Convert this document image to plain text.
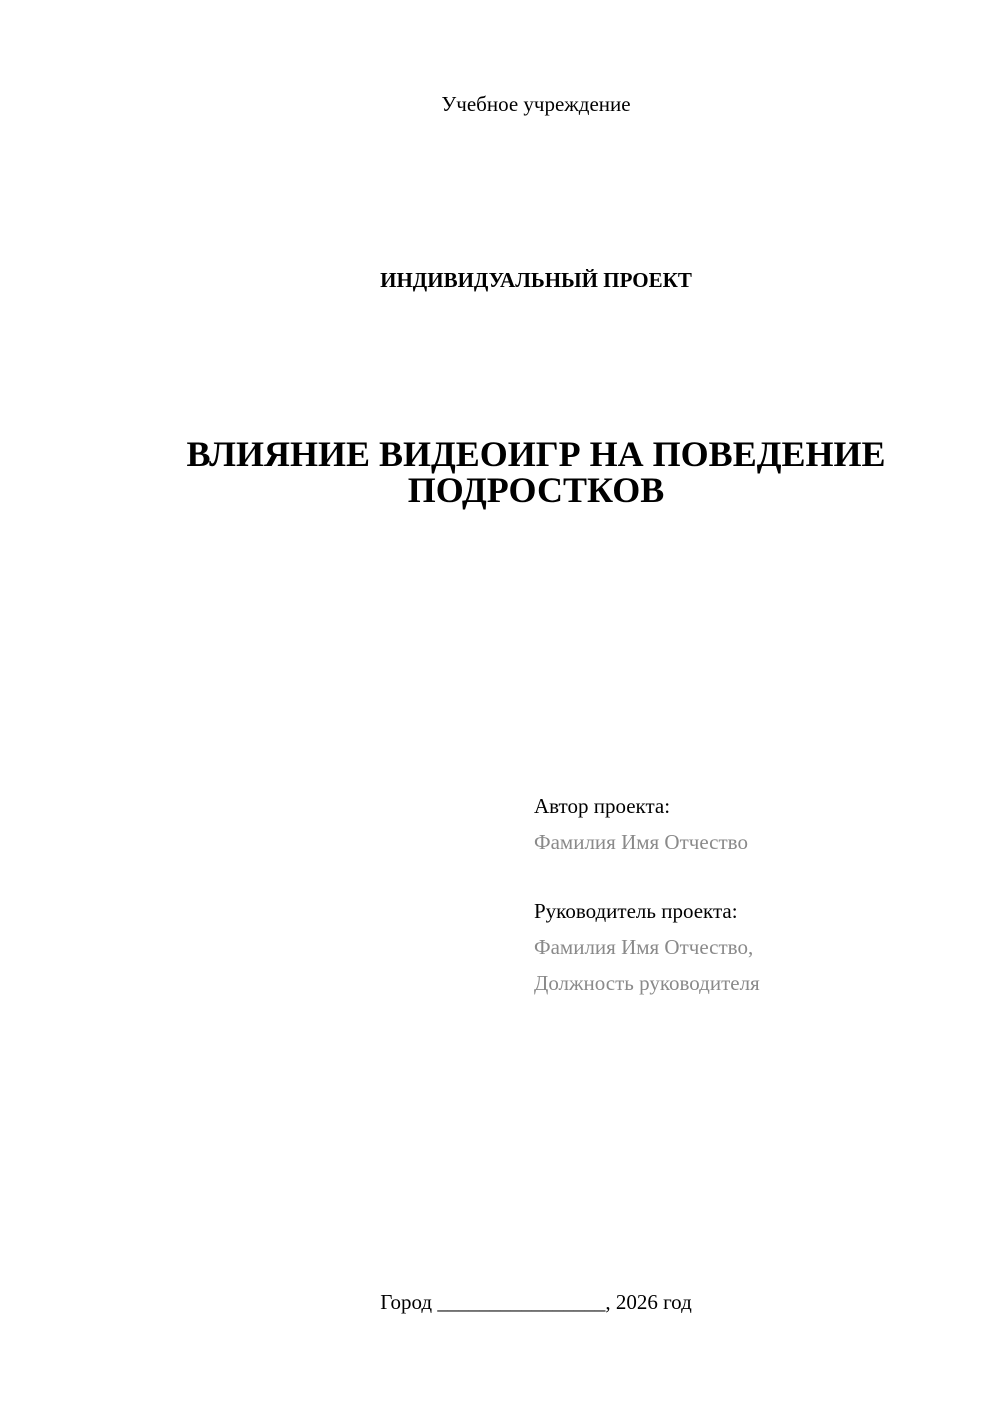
Учебное учреждение
ИНДИВИДУАЛЬНЫЙ ПРОЕКТ
ВЛИЯНИЕ ВИДЕОИГР НА ПОВЕДЕНИЕ
ПОДРОСТКОВ
Автор проекта:
Фамилия Имя Отчество
Руководитель проекта:
Фамилия Имя Отчество,
Должность руководителя
Город ________________, 2026 год
